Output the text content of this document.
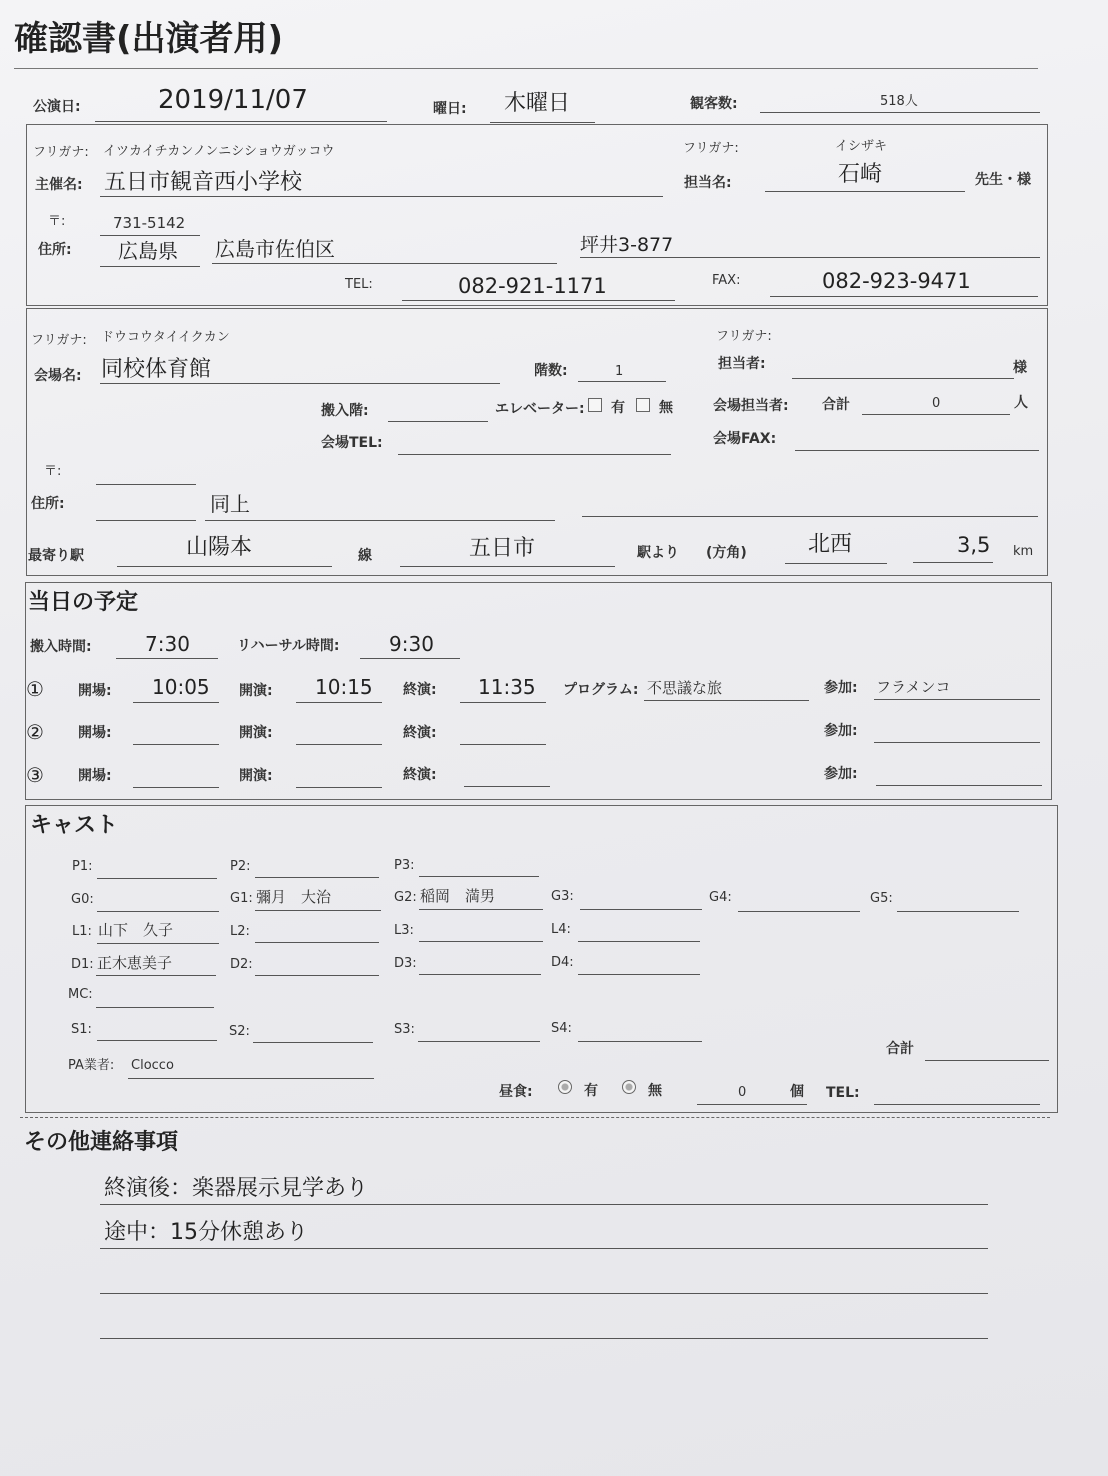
確認書(出演者用)
公演日:	2019/11/07	曜日: 木曜日	観客数:	518人
フリガナ: イツカイチカンノンニシショウガッコウ
主催名: 五日市観音西小学校
フリガナ:	イシザキ
担当名:	石崎	先生・様
〒:	731-5142
住所: 広島県 広島市佐伯区	坪井3-877
TEL:	082-921-1171	FAX:	082-923-9471
フリガナ: ドウコウタイイクカン	フリガナ:
会場名: 同校体育館	階数:	1	担当者:	様
搬入階:	エレベーター: 有 無	会場担当者: 合計	0	人
会場TEL:	会場FAX:
〒:
住所:	同上
最寄り駅	山陽本	線	五日市	駅より (方角)	北西	3,5 km
当日の予定
搬入時間:	7:30	リハーサル時間: 9:30
① 開場: 10:05 開演: 10:15 終演: 11:35 プログラム: 不思議な旅	参加: フラメンコ
② 開場:	開演:	終演:	参加:
③ 開場:	開演:	終演:	参加:
キャスト
P1:	P2:	P3:
G0:	G1: 彌月　大治	G2: 稲岡　満男	G3:	G4:	G5:
L1: 山下　久子	L2:	L3:	L4:
D1: 正木恵美子	D2:	D3:	D4:
MC:
S1:	S2:	S3:	S4:
合計
PA業者: Clocco
昼食:	有	無	0	個 TEL:
その他連絡事項
終演後：楽器展示見学あり
途中：15分休憩あり
